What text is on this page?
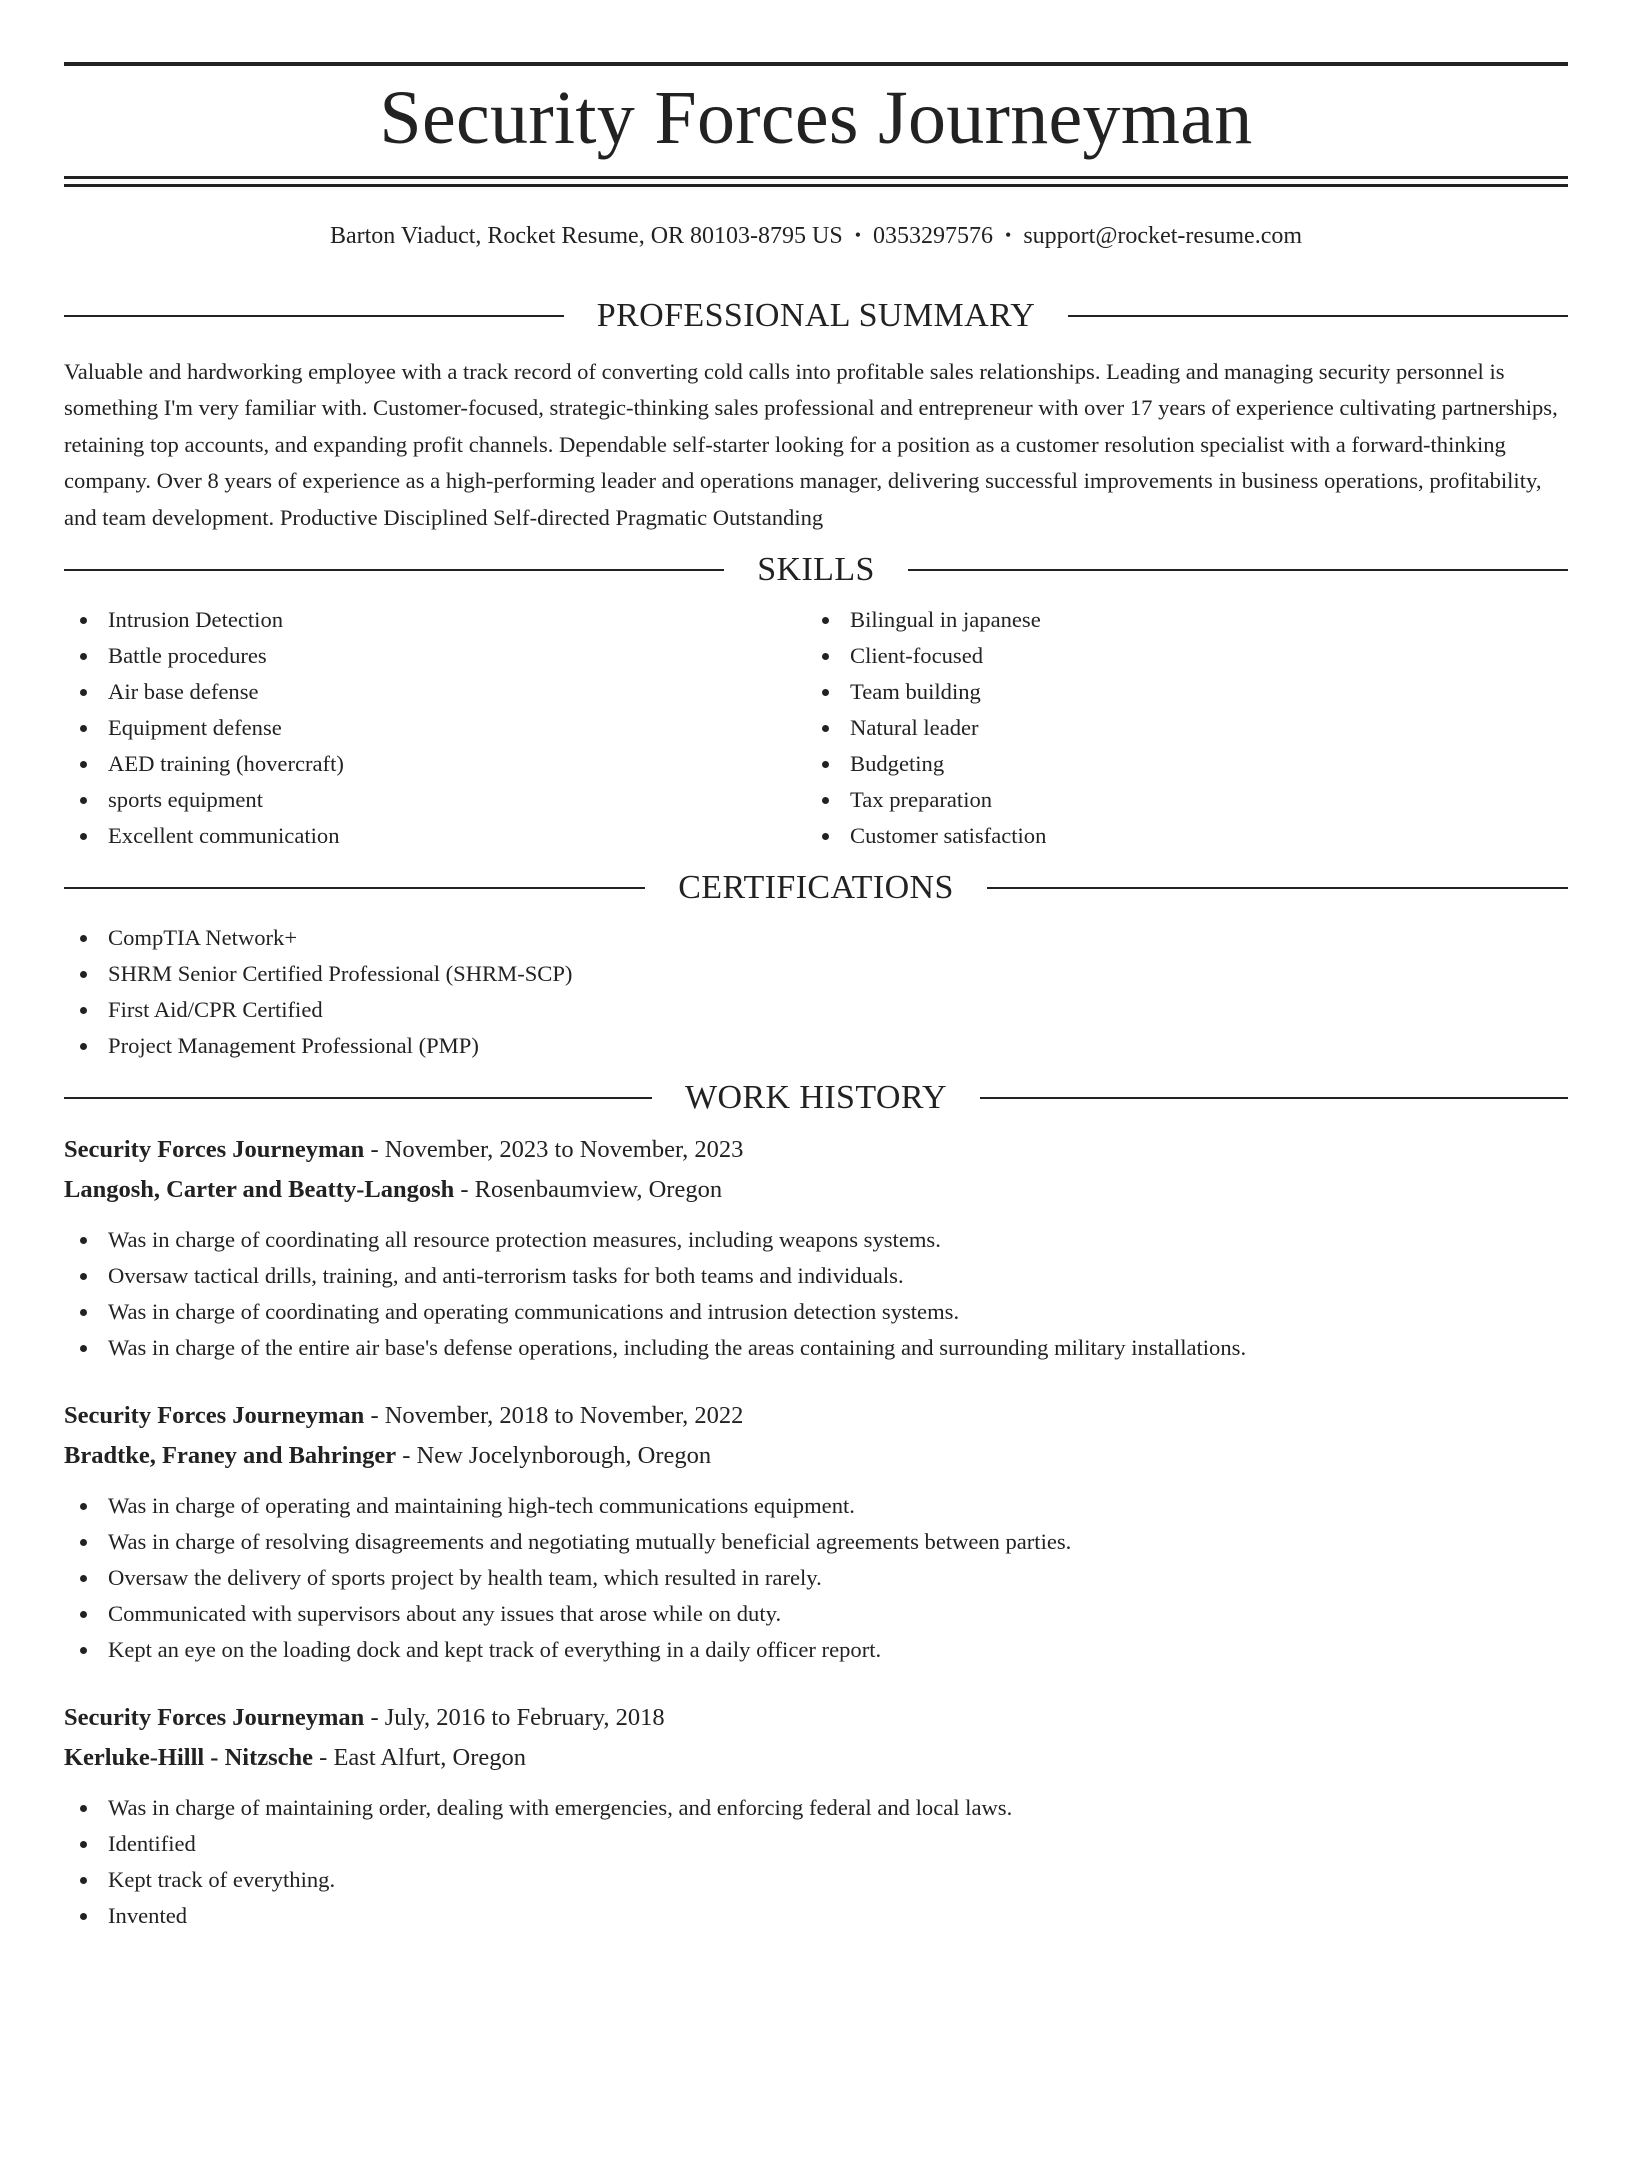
Security Forces Journeyman
Barton Viaduct, Rocket Resume, OR 80103-8795 US • 0353297576 • support@rocket-resume.com
PROFESSIONAL SUMMARY

Valuable and hardworking employee with a track record of converting cold calls into profitable sales relationships. Leading and managing security personnel is something I'm very familiar with. Customer-focused, strategic-thinking sales professional and entrepreneur with over 17 years of experience cultivating partnerships, retaining top accounts, and expanding profit channels. Dependable self-starter looking for a position as a customer resolution specialist with a forward-thinking company. Over 8 years of experience as a high-performing leader and operations manager, delivering successful improvements in business operations, profitability, and team development. Productive Disciplined Self-directed Pragmatic Outstanding

SKILLS
Intrusion Detection
Battle procedures
Air base defense
Equipment defense
AED training (hovercraft)
sports equipment
Excellent communication
Bilingual in japanese
Client-focused
Team building
Natural leader
Budgeting
Tax preparation
Customer satisfaction
CERTIFICATIONS
CompTIA Network+
SHRM Senior Certified Professional (SHRM-SCP)
First Aid/CPR Certified
Project Management Professional (PMP)
WORK HISTORY
Security Forces Journeyman - November, 2023 to November, 2023
Langosh, Carter and Beatty-Langosh - Rosenbaumview, Oregon
Was in charge of coordinating all resource protection measures, including weapons systems.
Oversaw tactical drills, training, and anti-terrorism tasks for both teams and individuals.
Was in charge of coordinating and operating communications and intrusion detection systems.
Was in charge of the entire air base's defense operations, including the areas containing and surrounding military installations.
Security Forces Journeyman - November, 2018 to November, 2022
Bradtke, Franey and Bahringer - New Jocelynborough, Oregon
Was in charge of operating and maintaining high-tech communications equipment.
Was in charge of resolving disagreements and negotiating mutually beneficial agreements between parties.
Oversaw the delivery of sports project by health team, which resulted in rarely.
Communicated with supervisors about any issues that arose while on duty.
Kept an eye on the loading dock and kept track of everything in a daily officer report.
Security Forces Journeyman - July, 2016 to February, 2018
Kerluke-Hilll - Nitzsche - East Alfurt, Oregon
Was in charge of maintaining order, dealing with emergencies, and enforcing federal and local laws.
Identified
Kept track of everything.
Invented
